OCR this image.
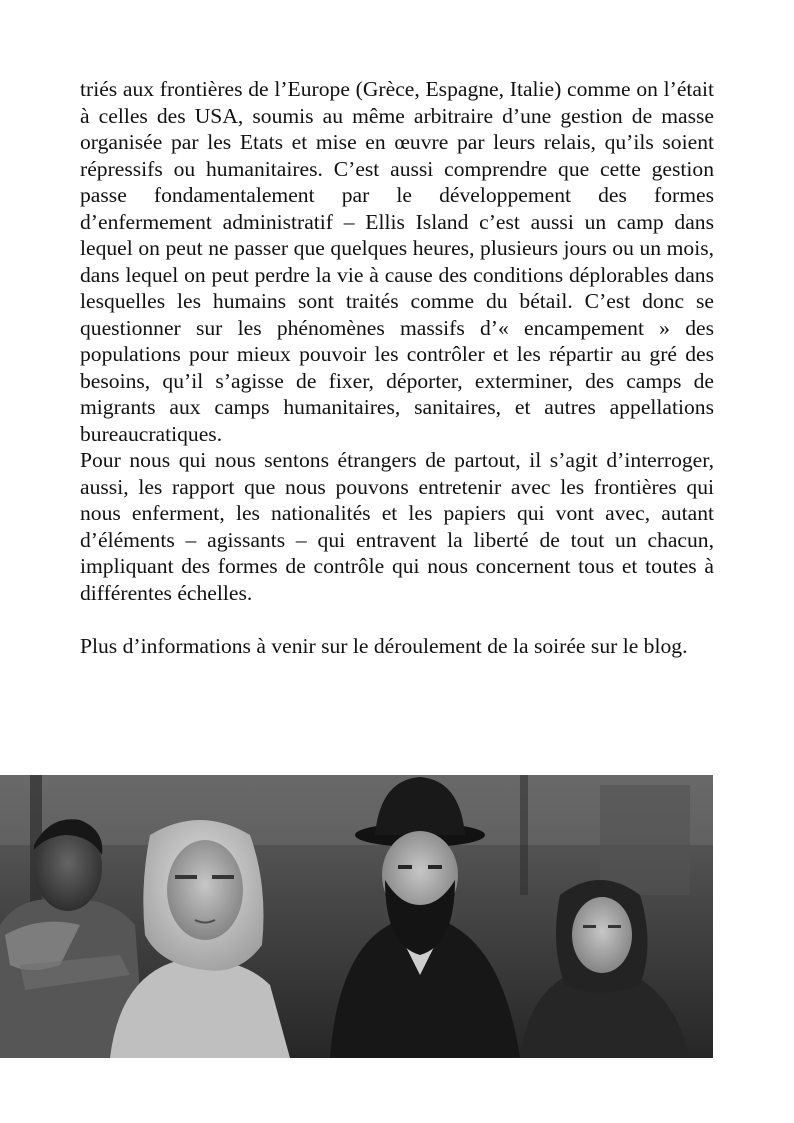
triés aux frontières de l’Europe (Grèce, Espagne, Italie) comme on l’était à celles des USA, soumis au même arbitraire d’une gestion de masse organisée par les Etats et mise en œuvre par leurs relais, qu’ils soient répressifs ou humanitaires. C’est aussi comprendre que cette gestion passe fondamentalement par le développement des formes d’enfermement administratif – Ellis Island c’est aussi un camp dans lequel on peut ne passer que quelques heures, plusieurs jours ou un mois, dans lequel on peut perdre la vie à cause des conditions déplorables dans lesquelles les humains sont traités comme du bétail. C’est donc se questionner sur les phénomènes massifs d’« encampement » des populations pour mieux pouvoir les contrôler et les répartir au gré des besoins, qu’il s’agisse de fixer, déporter, exterminer, des camps de migrants aux camps humanitaires, sanitaires, et autres appellations bureaucratiques.

Pour nous qui nous sentons étrangers de partout, il s’agit d’interroger, aussi, les rapport que nous pouvons entretenir avec les frontières qui nous enferment, les nationalités et les papiers qui vont avec, autant d’éléments – agissants – qui entravent la liberté de tout un chacun, impliquant des formes de contrôle qui nous concernent tous et toutes à différentes échelles.

Plus d’informations à venir sur le déroulement de la soirée sur le blog.
